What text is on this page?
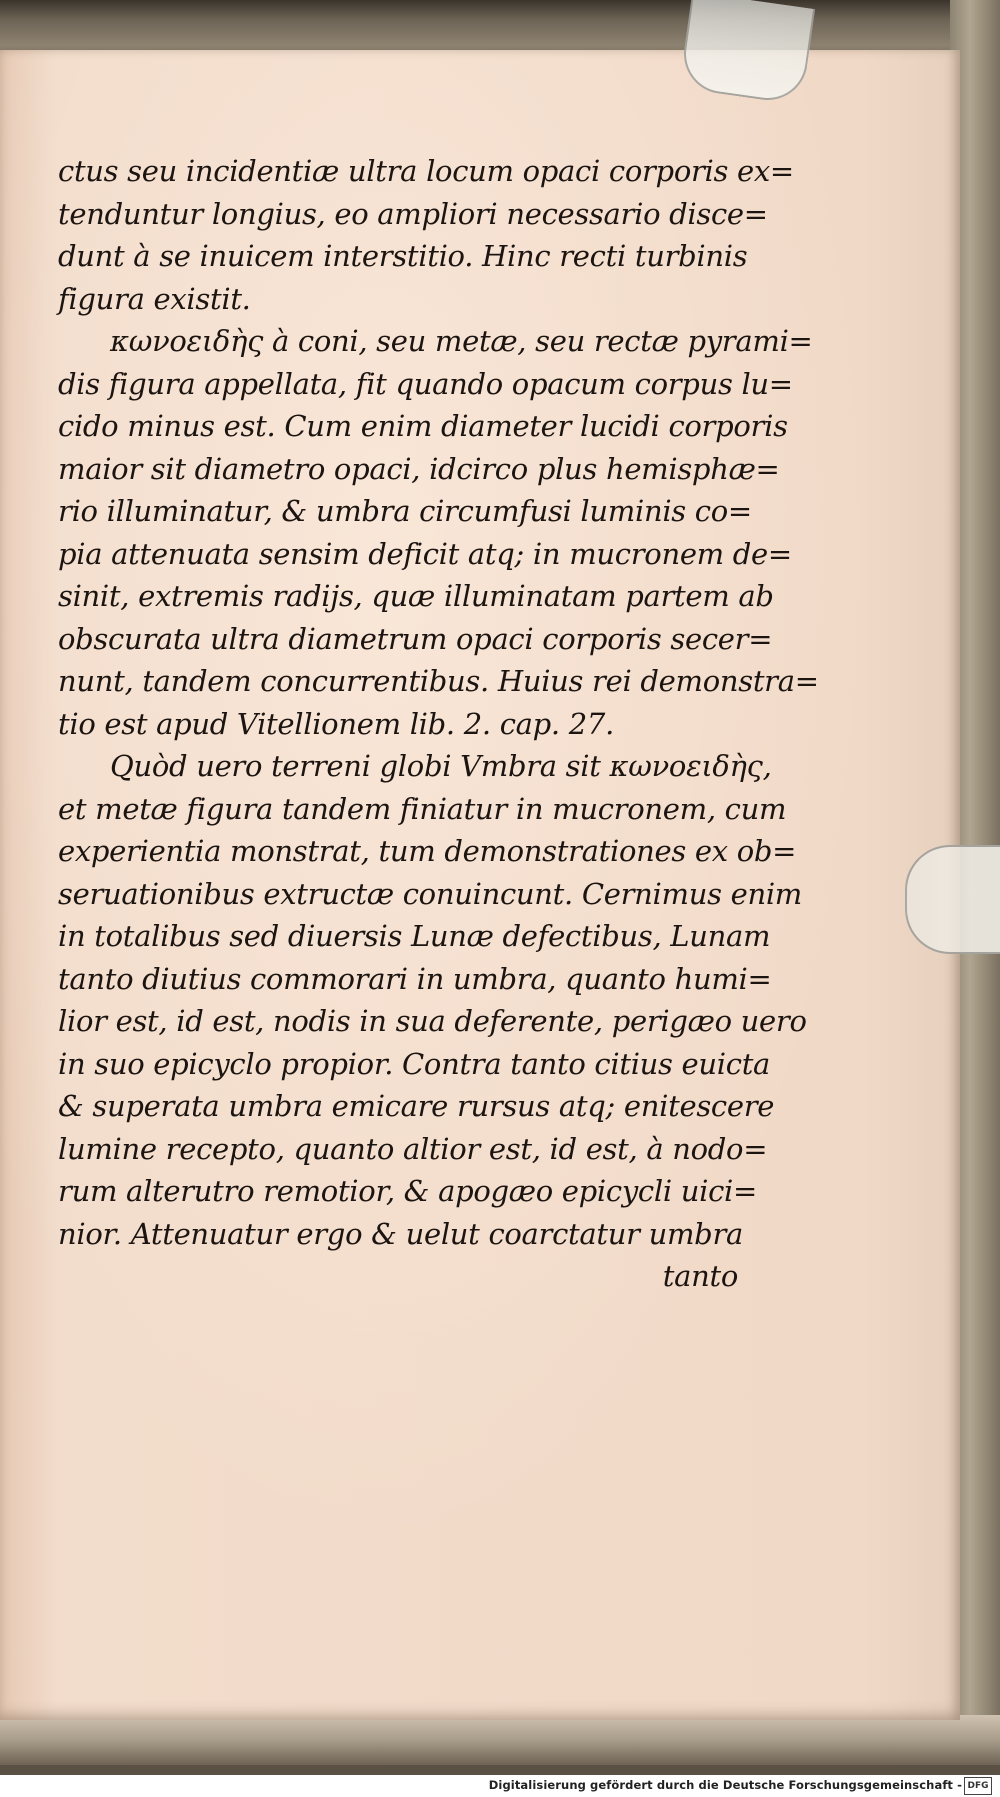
ctus seu incidentiæ ultra locum opaci corporis ex=
tenduntur longius, eo ampliori necessario disce=
dunt à se inuicem interstitio. Hinc recti turbinis
figura existit.
κωνοειδὴς à coni, seu metæ, seu rectæ pyrami=
dis figura appellata, fit quando opacum corpus lu=
cido minus est. Cum enim diameter lucidi corporis
maior sit diametro opaci, idcirco plus hemisphæ=
rio illuminatur, & umbra circumfusi luminis co=
pia attenuata sensim deficit atq; in mucronem de=
sinit, extremis radijs, quæ illuminatam partem ab
obscurata ultra diametrum opaci corporis secer=
nunt, tandem concurrentibus. Huius rei demonstra=
tio est apud Vitellionem lib. 2. cap. 27.
Quòd uero terreni globi Vmbra sit κωνοειδὴς,
et metæ figura tandem finiatur in mucronem, cum
experientia monstrat, tum demonstrationes ex ob=
seruationibus extructæ conuincunt. Cernimus enim
in totalibus sed diuersis Lunæ defectibus, Lunam
tanto diutius commorari in umbra, quanto humi=
lior est, id est, nodis in sua deferente, perigæo uero
in suo epicyclo propior. Contra tanto citius euicta
& superata umbra emicare rursus atq; enitescere
lumine recepto, quanto altior est, id est, à nodo=
rum alterutro remotior, & apogæo epicycli uici=
nior. Attenuatur ergo & uelut coarctatur umbra
tanto
Digitalisierung gefördert durch die Deutsche Forschungsgemeinschaft - DFG
